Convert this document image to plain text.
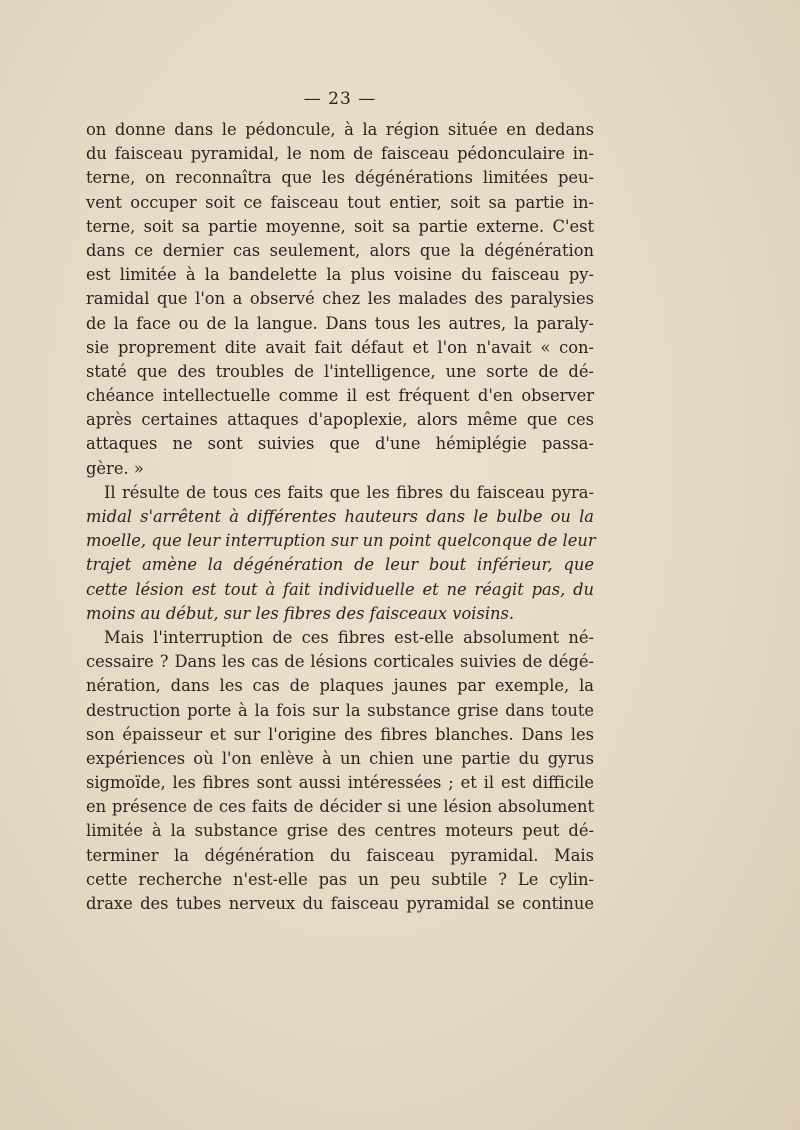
— 23 —
on donne dans le pédoncule, à la région située en dedans
du faisceau pyramidal, le nom de faisceau pédonculaire in-
terne, on reconnaîtra que les dégénérations limitées peu-
vent occuper soit ce faisceau tout entier, soit sa partie in-
terne, soit sa partie moyenne, soit sa partie externe. C'est
dans ce dernier cas seulement, alors que la dégénération
est limitée à la bandelette la plus voisine du faisceau py-
ramidal que l'on a observé chez les malades des paralysies
de la face ou de la langue. Dans tous les autres, la paraly-
sie proprement dite avait fait défaut et l'on n'avait « con-
staté que des troubles de l'intelligence, une sorte de dé-
chéance intellectuelle comme il est fréquent d'en observer
après certaines attaques d'apoplexie, alors même que ces
attaques ne sont suivies que d'une hémiplégie passa-
gère. »
Il résulte de tous ces faits que les fibres du faisceau pyra-
midal s'arrêtent à différentes hauteurs dans le bulbe ou la
moelle, que leur interruption sur un point quelconque de leur
trajet amène la dégénération de leur bout inférieur, que
cette lésion est tout à fait individuelle et ne réagit pas, du
moins au début, sur les fibres des faisceaux voisins.
Mais l'interruption de ces fibres est-elle absolument né-
cessaire ? Dans les cas de lésions corticales suivies de dégé-
nération, dans les cas de plaques jaunes par exemple, la
destruction porte à la fois sur la substance grise dans toute
son épaisseur et sur l'origine des fibres blanches. Dans les
expériences où l'on enlève à un chien une partie du gyrus
sigmoïde, les fibres sont aussi intéressées ; et il est difficile
en présence de ces faits de décider si une lésion absolument
limitée à la substance grise des centres moteurs peut dé-
terminer la dégénération du faisceau pyramidal. Mais
cette recherche n'est-elle pas un peu subtile ? Le cylin-
draxe des tubes nerveux du faisceau pyramidal se continue
